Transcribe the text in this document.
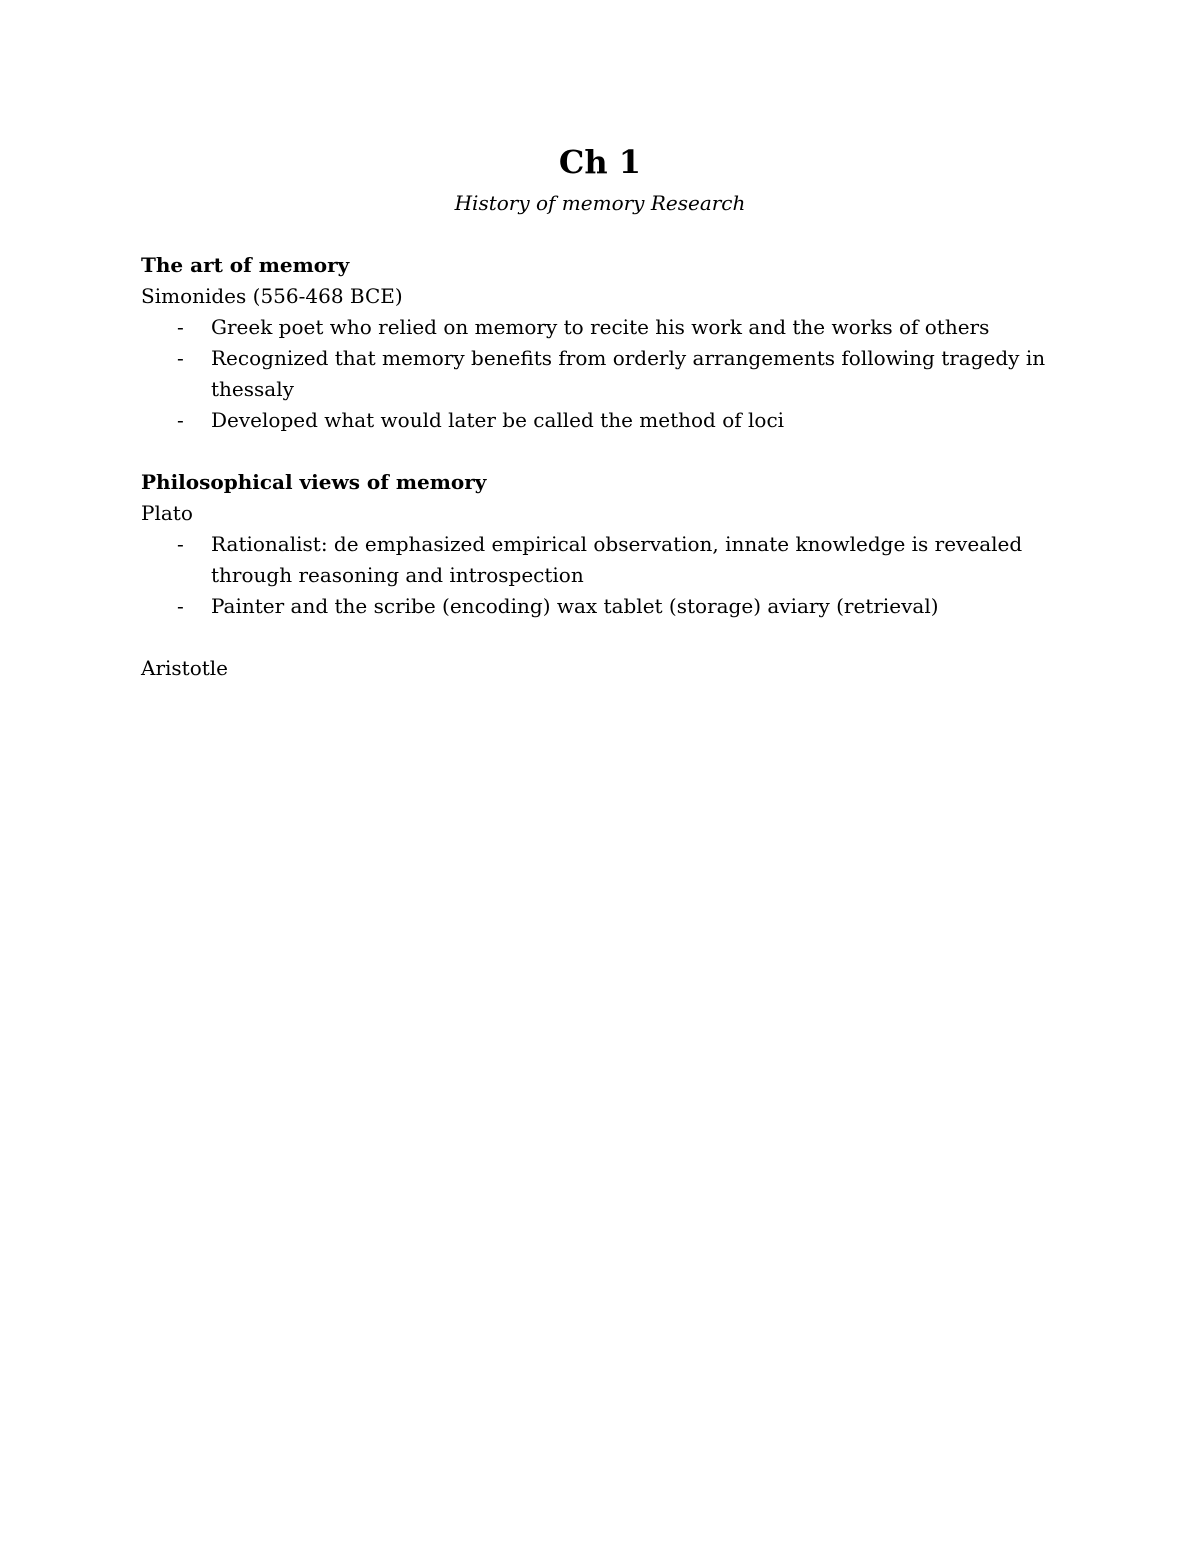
Ch 1

History of memory Research

The art of memory

Simonides (556-468 BCE)

- Greek poet who relied on memory to recite his work and the works of others
- Recognized that memory benefits from orderly arrangements following tragedy in thessaly
- Developed what would later be called the method of loci

Philosophical views of memory

Plato

- Rationalist: de emphasized empirical observation, innate knowledge is revealed through reasoning and introspection
- Painter and the scribe (encoding) wax tablet (storage) aviary (retrieval)

Aristotle
